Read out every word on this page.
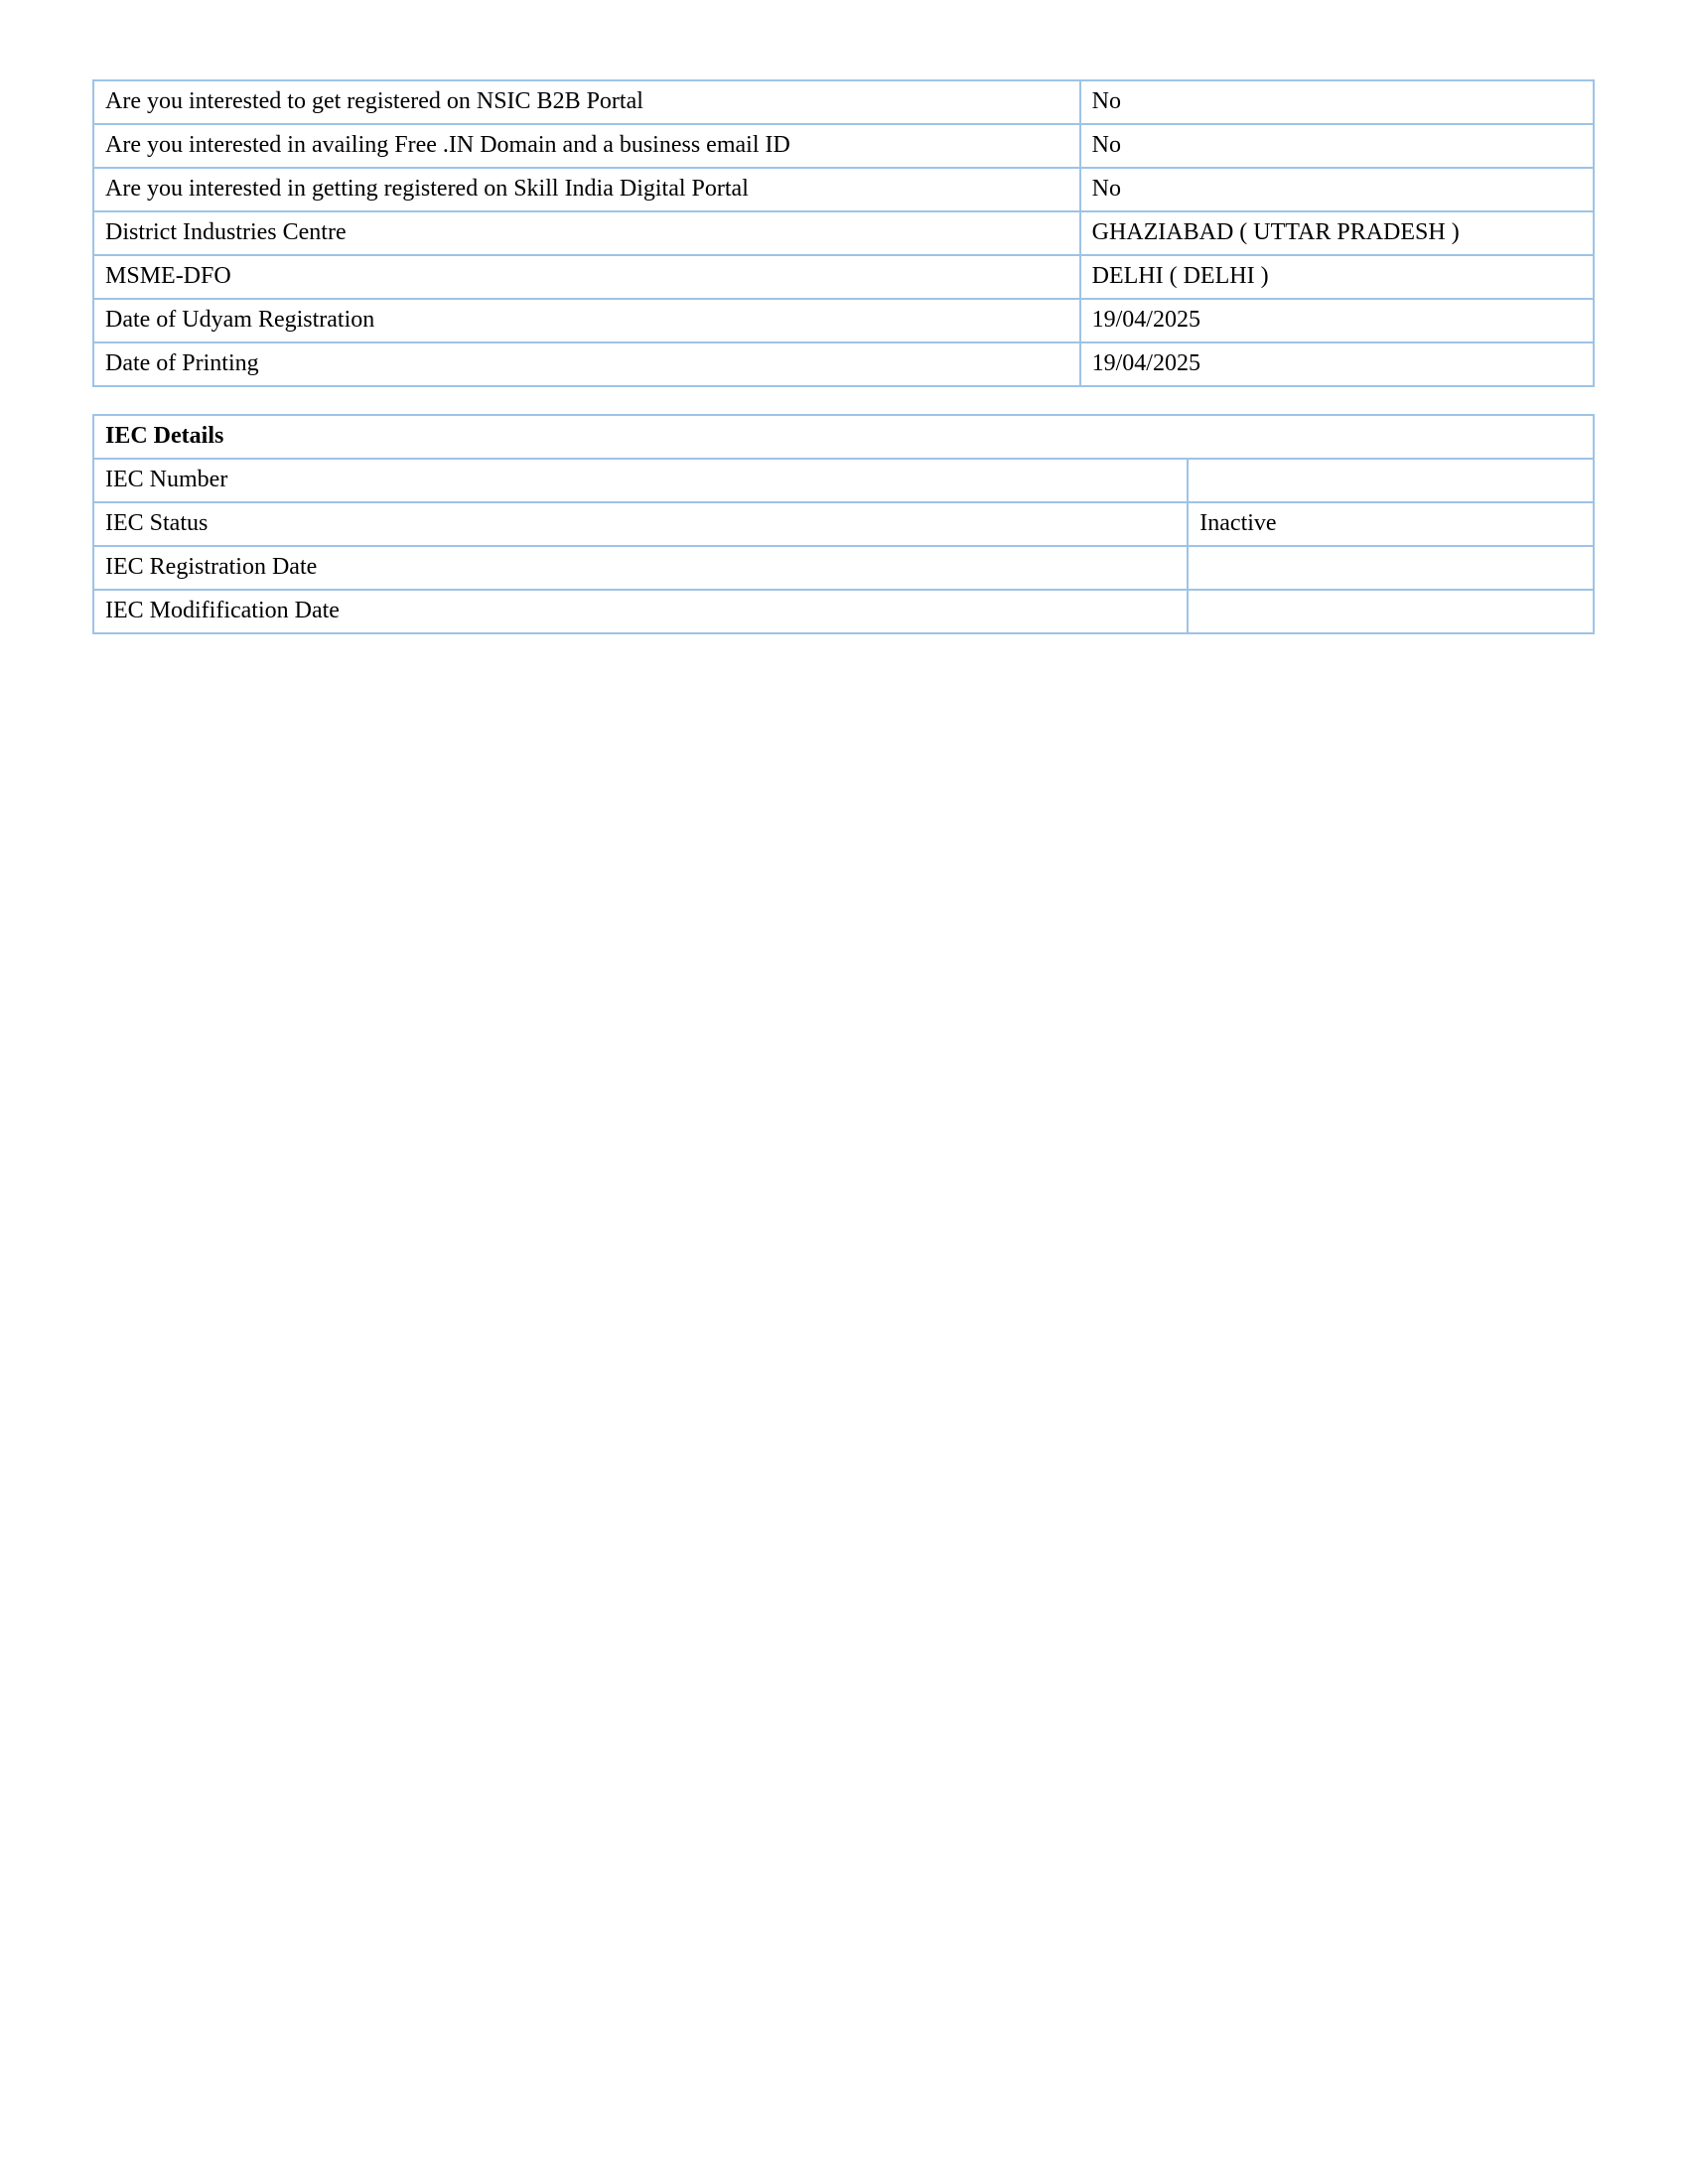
Are you interested to get registered on NSIC B2B Portal	No
Are you interested in availing Free .IN Domain and a business email ID	No
Are you interested in getting registered on Skill India Digital Portal	No
District Industries Centre	GHAZIABAD ( UTTAR PRADESH )
MSME-DFO	DELHI ( DELHI )
Date of Udyam Registration	19/04/2025
Date of Printing	19/04/2025
IEC Details	
IEC Number	
IEC Status	Inactive
IEC Registration Date	
IEC Modifification Date	
